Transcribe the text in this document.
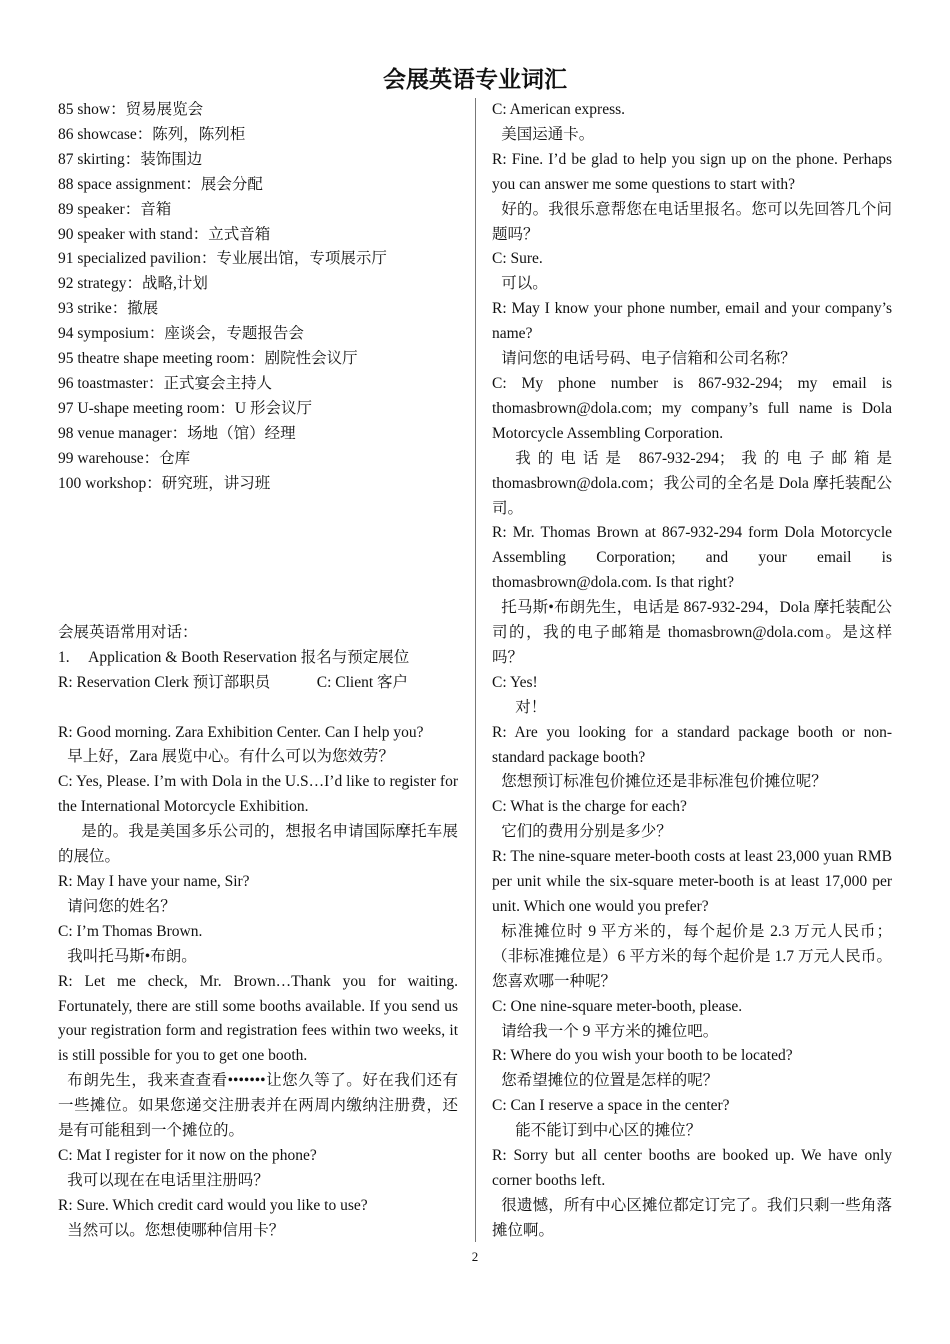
会展英语专业词汇
85 show：贸易展览会
86 showcase：陈列，陈列柜
87 skirting：装饰围边
88 space assignment：展会分配
89 speaker：音箱
90 speaker with stand：立式音箱
91 specialized pavilion：专业展出馆，专项展示厅
92 strategy：战略,计划
93 strike：撤展
94 symposium：座谈会，专题报告会
95 theatre shape meeting room：剧院性会议厅
96 toastmaster：正式宴会主持人
97 U-shape meeting room：U 形会议厅
98 venue manager：场地（馆）经理
99 warehouse：仓库
100 workshop：研究班，讲习班
会展英语常用对话：
1.　 Application & Booth Reservation 报名与预定展位
R: Reservation Clerk 预订部职员　　　C: Client 客户
R: Good morning. Zara Exhibition Center. Can I help you?
早上好，Zara 展览中心。有什么可以为您效劳？
C: Yes, Please. I’m with Dola in the U.S…I’d like to register for the International Motorcycle Exhibition.
是的。我是美国多乐公司的，想报名申请国际摩托车展的展位。
R: May I have your name, Sir?
请问您的姓名？
C: I’m Thomas Brown.
我叫托马斯•布朗。
R: Let me check, Mr. Brown…Thank you for waiting. Fortunately, there are still some booths available. If you send us your registration form and registration fees within two weeks, it is still possible for you to get one booth.
布朗先生，我来查查看•••••••让您久等了。好在我们还有一些摊位。如果您递交注册表并在两周内缴纳注册费，还是有可能租到一个摊位的。
C: Mat I register for it now on the phone?
我可以现在在电话里注册吗？
R: Sure. Which credit card would you like to use?
当然可以。您想使哪种信用卡？
C: American express.
美国运通卡。
R: Fine. I’d be glad to help you sign up on the phone. Perhaps you can answer me some questions to start with?
好的。我很乐意帮您在电话里报名。您可以先回答几个问题吗？
C: Sure.
可以。
R: May I know your phone number, email and your company’s name?
请问您的电话号码、电子信箱和公司名称？
C: My phone number is 867-932-294; my email is thomasbrown@dola.com; my company’s full name is Dola Motorcycle Assembling Corporation.
我的电话是 867-932-294；我的电子邮箱是 thomasbrown@dola.com；我公司的全名是 Dola 摩托装配公司。
R: Mr. Thomas Brown at 867-932-294 form Dola Motorcycle Assembling Corporation; and your email is thomasbrown@dola.com. Is that right?
托马斯•布朗先生，电话是 867-932-294，Dola 摩托装配公司的，我的电子邮箱是 thomasbrown@dola.com。是这样吗？
C: Yes!
对！
R: Are you looking for a standard package booth or non-standard package booth?
您想预订标准包价摊位还是非标准包价摊位呢？
C: What is the charge for each?
它们的费用分别是多少？
R: The nine-square meter-booth costs at least 23,000 yuan RMB per unit while the six-square meter-booth is at least 17,000 per unit. Which one would you prefer?
标准摊位时 9 平方米的，每个起价是 2.3 万元人民币；（非标准摊位是）6 平方米的每个起价是 1.7 万元人民币。您喜欢哪一种呢？
C: One nine-square meter-booth, please.
请给我一个 9 平方米的摊位吧。
R: Where do you wish your booth to be located?
您希望摊位的位置是怎样的呢？
C: Can I reserve a space in the center?
能不能订到中心区的摊位？
R: Sorry but all center booths are booked up. We have only corner booths left.
很遗憾，所有中心区摊位都定订完了。我们只剩一些角落摊位啊。
2
